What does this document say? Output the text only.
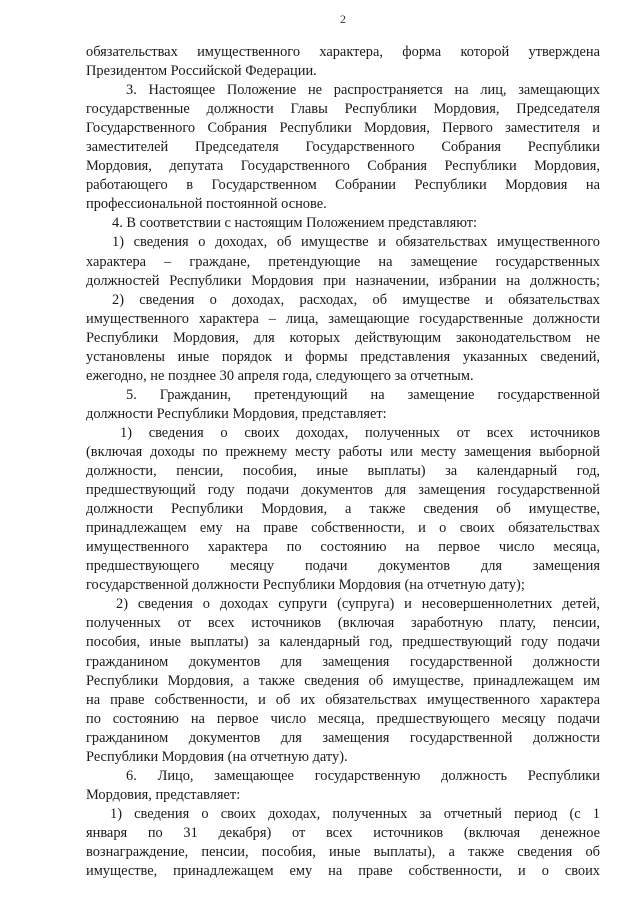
2
обязательствах имущественного характера, форма которой утверждена
Президентом Российской Федерации.
3. Настоящее Положение не распространяется на лиц, замещающих
государственные должности Главы Республики Мордовия, Председателя
Государственного Собрания Республики Мордовия, Первого заместителя и
заместителей Председателя Государственного Собрания Республики
Мордовия, депутата Государственного Собрания Республики Мордовия,
работающего в Государственном Собрании Республики Мордовия на
профессиональной постоянной основе.
4. В соответствии с настоящим Положением представляют:
1) сведения о доходах, об имуществе и обязательствах имущественного
характера – граждане, претендующие на замещение государственных
должностей Республики Мордовия при назначении, избрании на должность;
2) сведения о доходах, расходах, об имуществе и обязательствах
имущественного характера – лица, замещающие государственные должности
Республики Мордовия, для которых действующим законодательством не
установлены иные порядок и формы представления указанных сведений,
ежегодно, не позднее 30 апреля года, следующего за отчетным.
5. Гражданин, претендующий на замещение государственной
должности Республики Мордовия, представляет:
1) сведения о своих доходах, полученных от всех источников
(включая доходы по прежнему месту работы или месту замещения выборной
должности, пенсии, пособия, иные выплаты) за календарный год,
предшествующий году подачи документов для замещения государственной
должности Республики Мордовия, а также сведения об имуществе,
принадлежащем ему на праве собственности, и о своих обязательствах
имущественного характера по состоянию на первое число месяца,
предшествующего месяцу подачи документов для замещения
государственной должности Республики Мордовия (на отчетную дату);
2) сведения о доходах супруги (супруга) и несовершеннолетних детей,
полученных от всех источников (включая заработную плату, пенсии,
пособия, иные выплаты) за календарный год, предшествующий году подачи
гражданином документов для замещения государственной должности
Республики Мордовия, а также сведения об имуществе, принадлежащем им
на праве собственности, и об их обязательствах имущественного характера
по состоянию на первое число месяца, предшествующего месяцу подачи
гражданином документов для замещения государственной должности
Республики Мордовия (на отчетную дату).
6. Лицо, замещающее государственную должность Республики
Мордовия, представляет:
1) сведения о своих доходах, полученных за отчетный период (с 1
января по 31 декабря) от всех источников (включая денежное
вознаграждение, пенсии, пособия, иные выплаты), а также сведения об
имуществе, принадлежащем ему на праве собственности, и о своих
